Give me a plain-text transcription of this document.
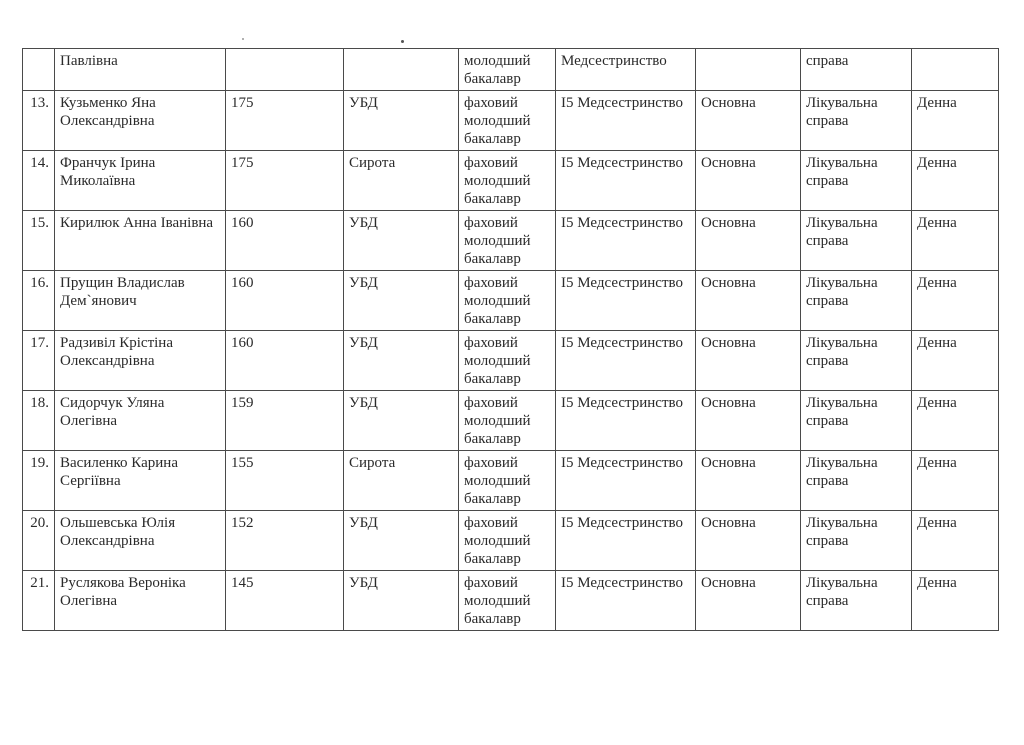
	Павлівна			молодший бакалавр	Медсестринство		справа	
13.	Кузьменко Яна Олександрівна	175	УБД	фаховий молодший бакалавр	I5 Медсестринство	Основна	Лікувальна справа	Денна
14.	Франчук Ірина Миколаївна	175	Сирота	фаховий молодший бакалавр	I5 Медсестринство	Основна	Лікувальна справа	Денна
15.	Кирилюк Анна Іванівна	160	УБД	фаховий молодший бакалавр	I5 Медсестринство	Основна	Лікувальна справа	Денна
16.	Прущин Владислав Дем`янович	160	УБД	фаховий молодший бакалавр	I5 Медсестринство	Основна	Лікувальна справа	Денна
17.	Радзивіл Крістіна Олександрівна	160	УБД	фаховий молодший бакалавр	I5 Медсестринство	Основна	Лікувальна справа	Денна
18.	Сидорчук Уляна Олегівна	159	УБД	фаховий молодший бакалавр	I5 Медсестринство	Основна	Лікувальна справа	Денна
19.	Василенко Карина Сергіївна	155	Сирота	фаховий молодший бакалавр	I5 Медсестринство	Основна	Лікувальна справа	Денна
20.	Ольшевська Юлія Олександрівна	152	УБД	фаховий молодший бакалавр	I5 Медсестринство	Основна	Лікувальна справа	Денна
21.	Руслякова Вероніка Олегівна	145	УБД	фаховий молодший бакалавр	I5 Медсестринство	Основна	Лікувальна справа	Денна
